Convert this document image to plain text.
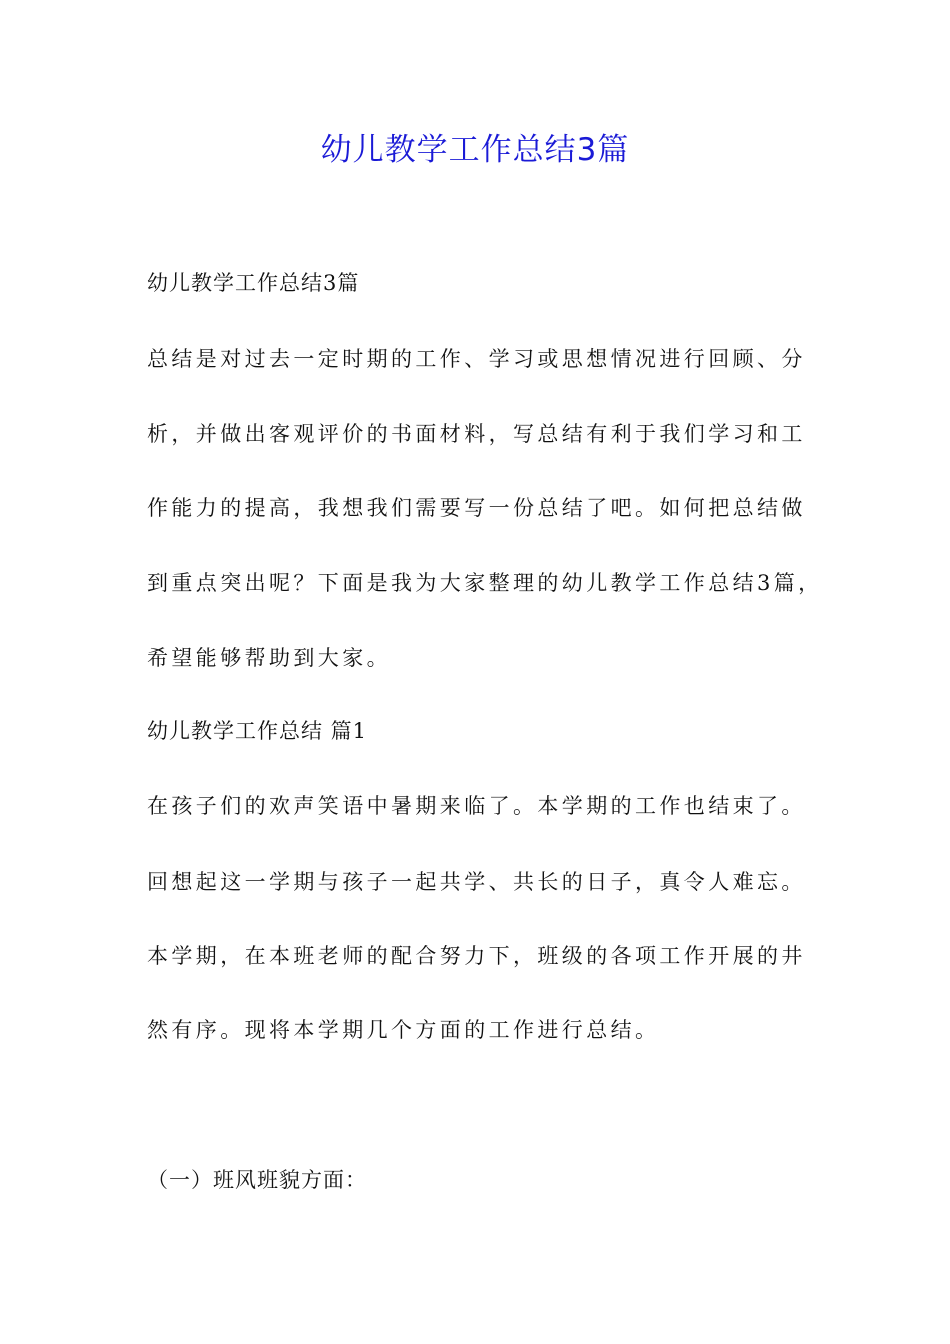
幼儿教学工作总结3篇
幼儿教学工作总结3篇
总结是对过去一定时期的工作、学习或思想情况进行回顾、分
析，并做出客观评价的书面材料，写总结有利于我们学习和工
作能力的提高，我想我们需要写一份总结了吧。如何把总结做
到重点突出呢？下面是我为大家整理的幼儿教学工作总结3篇，
希望能够帮助到大家。
幼儿教学工作总结 篇1
在孩子们的欢声笑语中暑期来临了。本学期的工作也结束了。
回想起这一学期与孩子一起共学、共长的日子，真令人难忘。
本学期，在本班老师的配合努力下，班级的各项工作开展的井
然有序。现将本学期几个方面的工作进行总结。
（一）班风班貌方面：
